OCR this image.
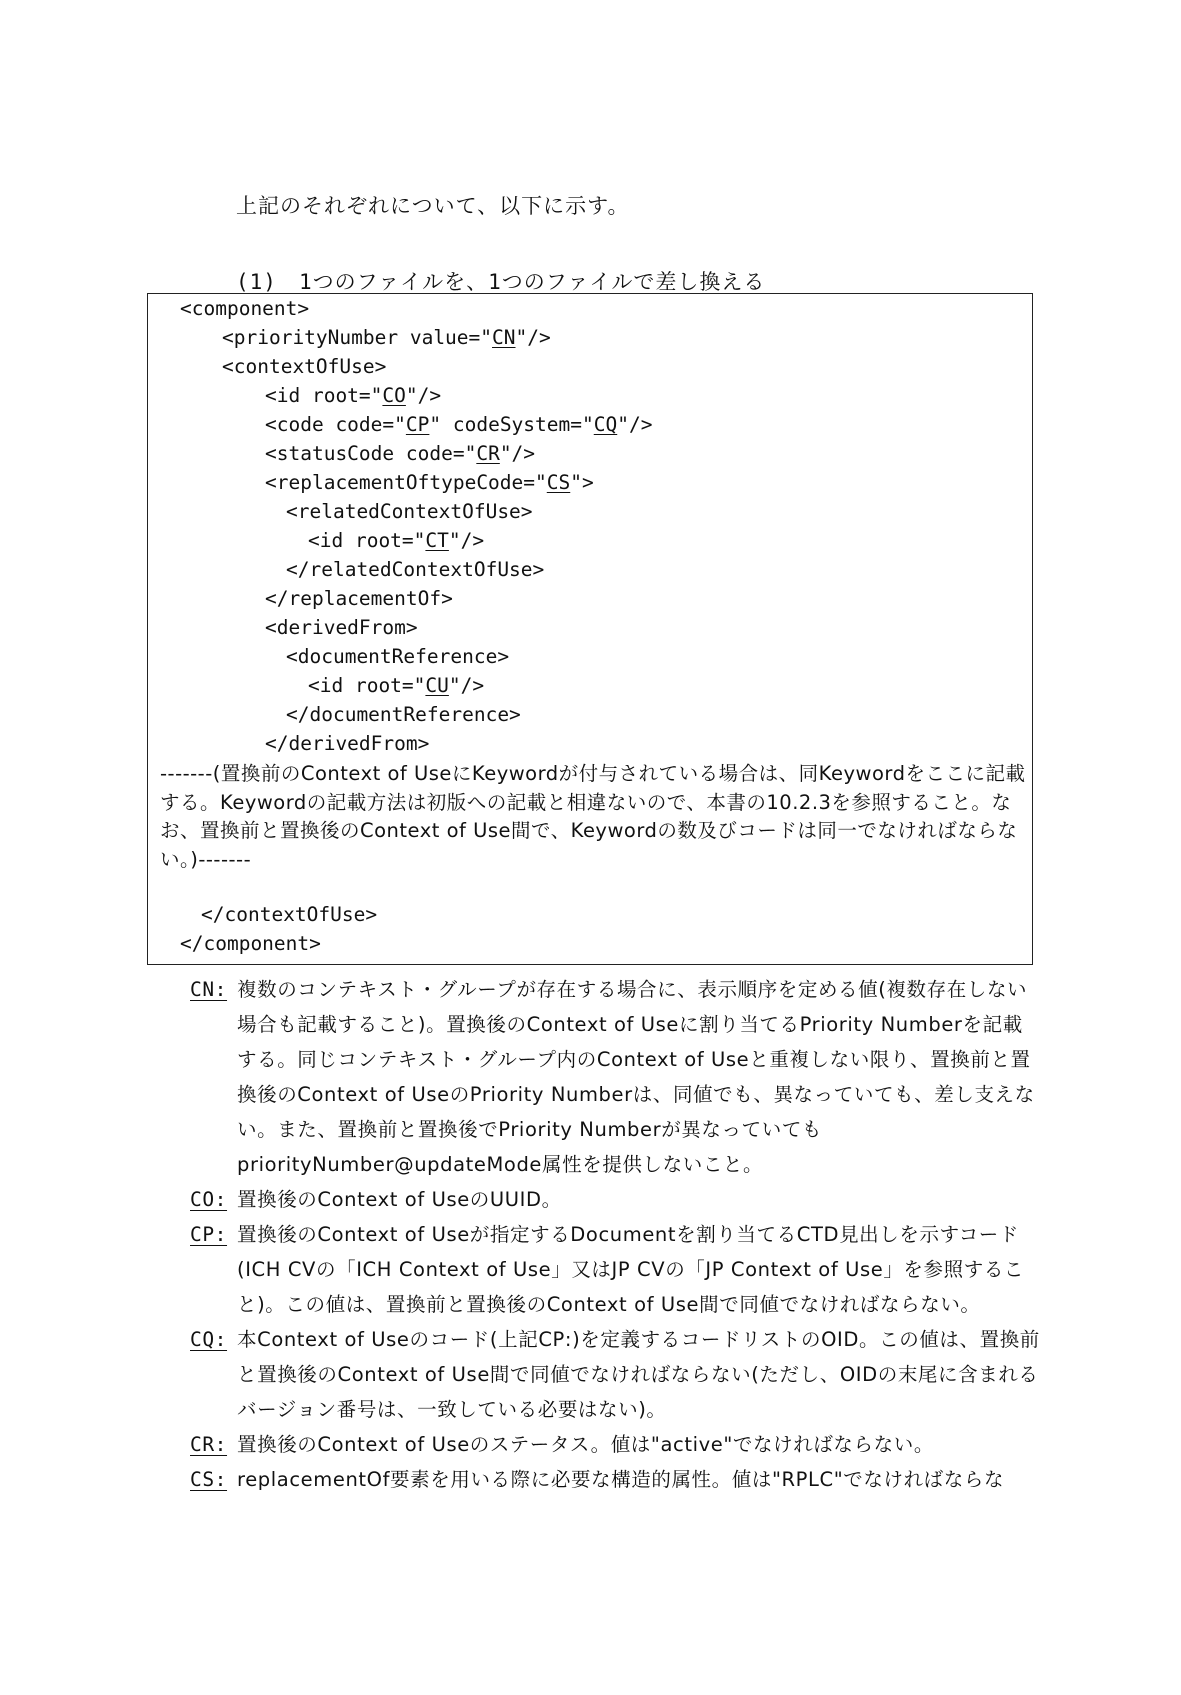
上記のそれぞれについて、以下に示す。
(1) 1つのファイルを、1つのファイルで差し換える
<component>
<priorityNumber value="CN"/>
<contextOfUse>
<id root="CO"/>
<code code="CP" codeSystem="CQ"/>
<statusCode code="CR"/>
<replacementOftypeCode="CS">
<relatedContextOfUse>
<id root="CT"/>
</relatedContextOfUse>
</replacementOf>
<derivedFrom>
<documentReference>
<id root="CU"/>
</documentReference>
</derivedFrom>
-------(置換前のContext of UseにKeywordが付与されている場合は、同Keywordをここに記載する。Keywordの記載方法は初版への記載と相違ないので、本書の10.2.3を参照すること。なお、置換前と置換後のContext of Use間で、Keywordの数及びコードは同一でなければならない。)-------
</contextOfUse>
</component>
CN: 複数のコンテキスト・グループが存在する場合に、表示順序を定める値(複数存在しない場合も記載すること)。置換後のContext of Useに割り当てるPriority Numberを記載する。同じコンテキスト・グループ内のContext of Useと重複しない限り、置換前と置換後のContext of UseのPriority Numberは、同値でも、異なっていても、差し支えない。また、置換前と置換後でPriority Numberが異なっていてもpriorityNumber@updateMode属性を提供しないこと。
CO: 置換後のContext of UseのUUID。
CP: 置換後のContext of Useが指定するDocumentを割り当てるCTD見出しを示すコード(ICH CVの「ICH Context of Use」又はJP CVの「JP Context of Use」を参照すること)。この値は、置換前と置換後のContext of Use間で同値でなければならない。
CQ: 本Context of Useのコード(上記CP:)を定義するコードリストのOID。この値は、置換前と置換後のContext of Use間で同値でなければならない(ただし、OIDの末尾に含まれるバージョン番号は、一致している必要はない)。
CR: 置換後のContext of Useのステータス。値は"active"でなければならない。
CS: replacementOf要素を用いる際に必要な構造的属性。値は"RPLC"でなければならな
